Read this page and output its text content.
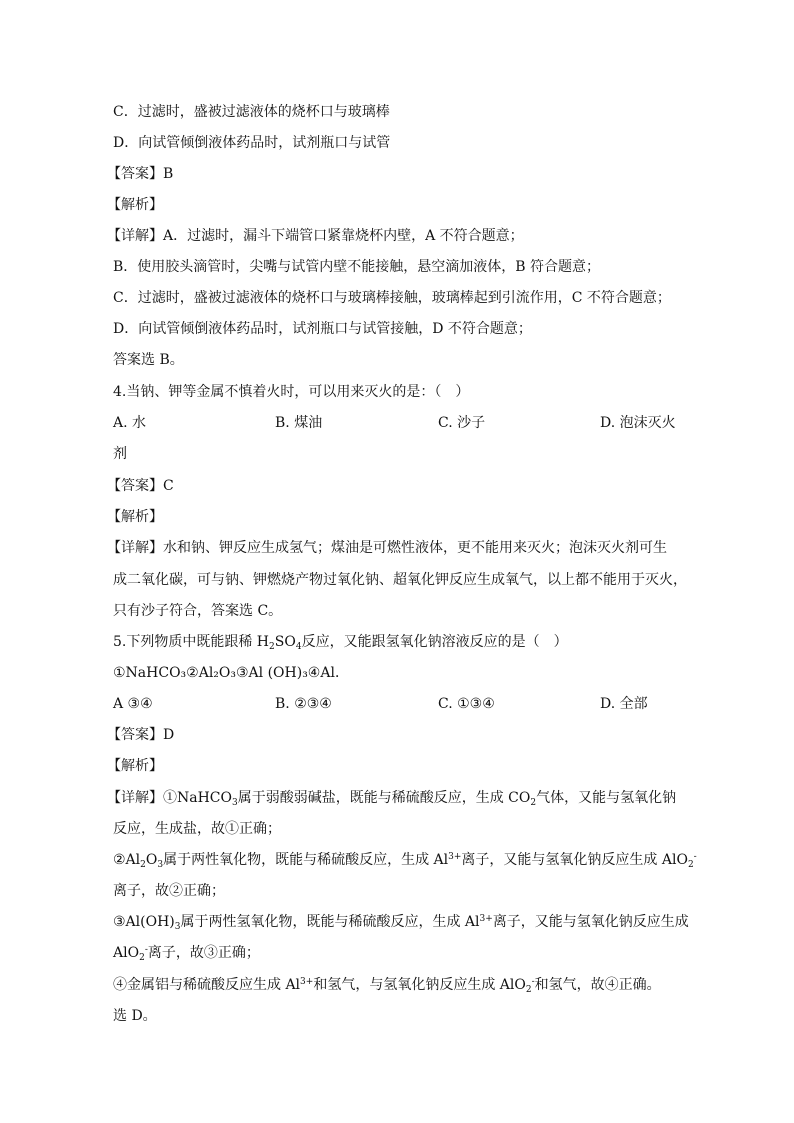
C．过滤时，盛被过滤液体的烧杯口与玻璃棒
D．向试管倾倒液体药品时，试剂瓶口与试管
【答案】B
【解析】
【详解】A．过滤时，漏斗下端管口紧靠烧杯内壁，A 不符合题意；
B．使用胶头滴管时，尖嘴与试管内壁不能接触，悬空滴加液体，B 符合题意；
C．过滤时，盛被过滤液体的烧杯口与玻璃棒接触，玻璃棒起到引流作用，C 不符合题意；
D．向试管倾倒液体药品时，试剂瓶口与试管接触，D 不符合题意；
答案选 B。
4.当钠、钾等金属不慎着火时，可以用来灭火的是：（　）
A. 水	B. 煤油	C. 沙子	D. 泡沫灭火
剂
【答案】C
【解析】
【详解】水和钠、钾反应生成氢气；煤油是可燃性液体，更不能用来灭火；泡沫灭火剂可生
成二氧化碳，可与钠、钾燃烧产物过氧化钠、超氧化钾反应生成氧气，以上都不能用于灭火，
只有沙子符合，答案选 C。
5.下列物质中既能跟稀 $H_2SO_4$反应，又能跟氢氧化钠溶液反应的是（　）
①NaHCO₃②Al₂O₃③Al (OH)₃④Al．
A ③④	B. ②③④	C. ①③④	D. 全部
【答案】D
【解析】
【详解】①NaHCO$_3$属于弱酸弱碱盐，既能与稀硫酸反应，生成 $CO_2$气体，又能与氢氧化钠
反应，生成盐，故①正确；
$②Al_2O_3$属于两性氧化物，既能与稀硫酸反应，生成 $Al^{3+}$离子，又能与氢氧化钠反应生成 AlO$_2$-
离子，故②正确；
$③Al(OH)_3$属于两性氢氧化物，既能与稀硫酸反应，生成 $Al^{3+}$离子，又能与氢氧化钠反应生成
AlO$_2$-离子，故③正确；
④金属铝与稀硫酸反应生成 $Al^{3+}$和氢气，与氢氧化钠反应生成 AlO$_2$-和氢气，故④正确。
选 D。
